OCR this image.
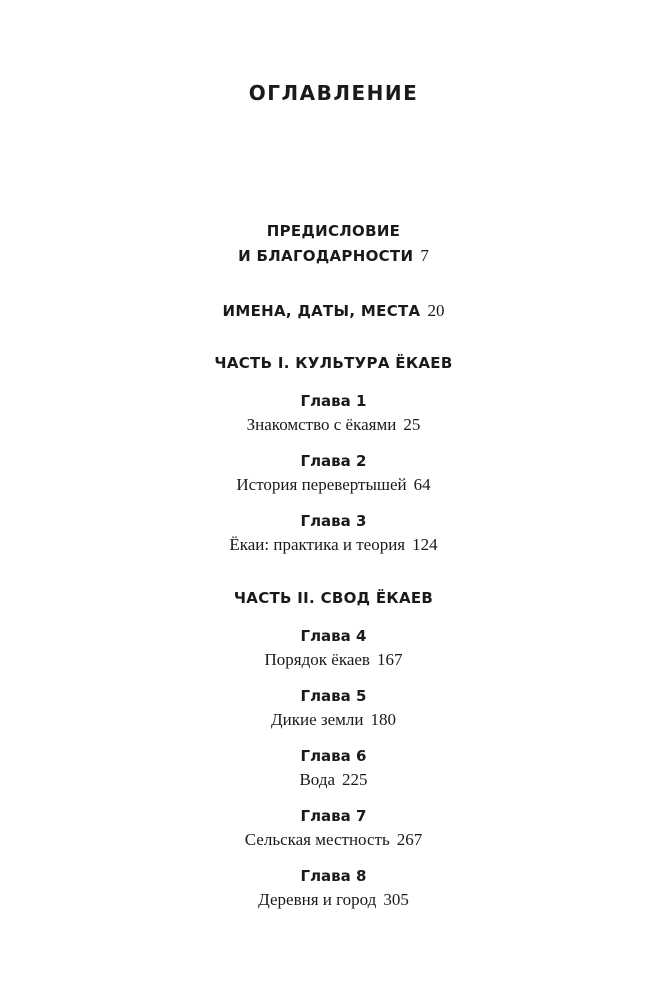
ОГЛАВЛЕНИЕ
ПРЕДИСЛОВИЕ
И БЛАГОДАРНОСТИ 7
ИМЕНА, ДАТЫ, МЕСТА 20
ЧАСТЬ I. КУЛЬТУРА ЁКАЕВ
Глава 1
Знакомство с ёкаями 25
Глава 2
История перевертышей 64
Глава 3
Ёкаи: практика и теория 124
ЧАСТЬ II. СВОД ЁКАЕВ
Глава 4
Порядок ёкаев 167
Глава 5
Дикие земли 180
Глава 6
Вода 225
Глава 7
Сельская местность 267
Глава 8
Деревня и город 305
